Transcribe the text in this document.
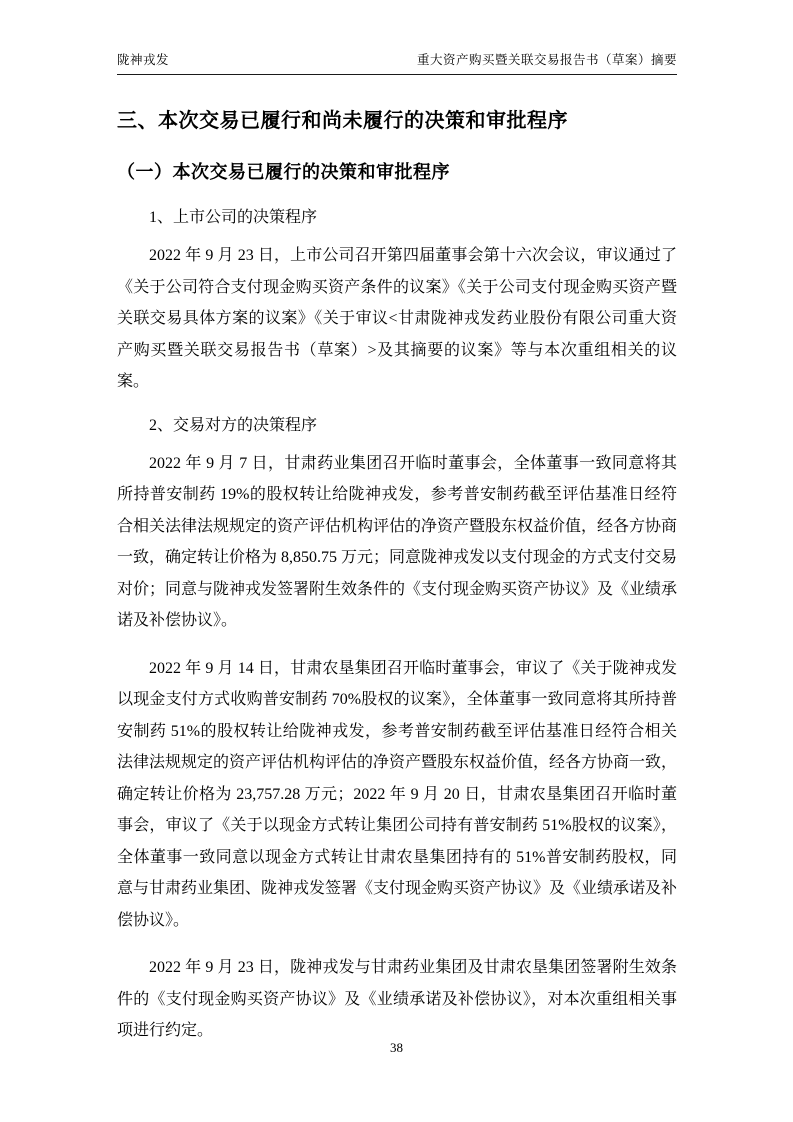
陇神戎发	重大资产购买暨关联交易报告书（草案）摘要
三、本次交易已履行和尚未履行的决策和审批程序
（一）本次交易已履行的决策和审批程序
1、上市公司的决策程序

2022 年 9 月 23 日，上市公司召开第四届董事会第十六次会议，审议通过了《关于公司符合支付现金购买资产条件的议案》《关于公司支付现金购买资产暨关联交易具体方案的议案》《关于审议<甘肃陇神戎发药业股份有限公司重大资产购买暨关联交易报告书（草案）>及其摘要的议案》等与本次重组相关的议案。

2、交易对方的决策程序

2022 年 9 月 7 日，甘肃药业集团召开临时董事会，全体董事一致同意将其所持普安制药 19%的股权转让给陇神戎发，参考普安制药截至评估基准日经符合相关法律法规规定的资产评估机构评估的净资产暨股东权益价值，经各方协商一致，确定转让价格为 8,850.75 万元；同意陇神戎发以支付现金的方式支付交易对价；同意与陇神戎发签署附生效条件的《支付现金购买资产协议》及《业绩承诺及补偿协议》。

2022 年 9 月 14 日，甘肃农垦集团召开临时董事会，审议了《关于陇神戎发以现金支付方式收购普安制药 70%股权的议案》，全体董事一致同意将其所持普安制药 51%的股权转让给陇神戎发，参考普安制药截至评估基准日经符合相关法律法规规定的资产评估机构评估的净资产暨股东权益价值，经各方协商一致，确定转让价格为 23,757.28 万元；2022 年 9 月 20 日，甘肃农垦集团召开临时董事会，审议了《关于以现金方式转让集团公司持有普安制药 51%股权的议案》，全体董事一致同意以现金方式转让甘肃农垦集团持有的 51%普安制药股权，同意与甘肃药业集团、陇神戎发签署《支付现金购买资产协议》及《业绩承诺及补偿协议》。

2022 年 9 月 23 日，陇神戎发与甘肃药业集团及甘肃农垦集团签署附生效条件的《支付现金购买资产协议》及《业绩承诺及补偿协议》，对本次重组相关事项进行约定。

38
